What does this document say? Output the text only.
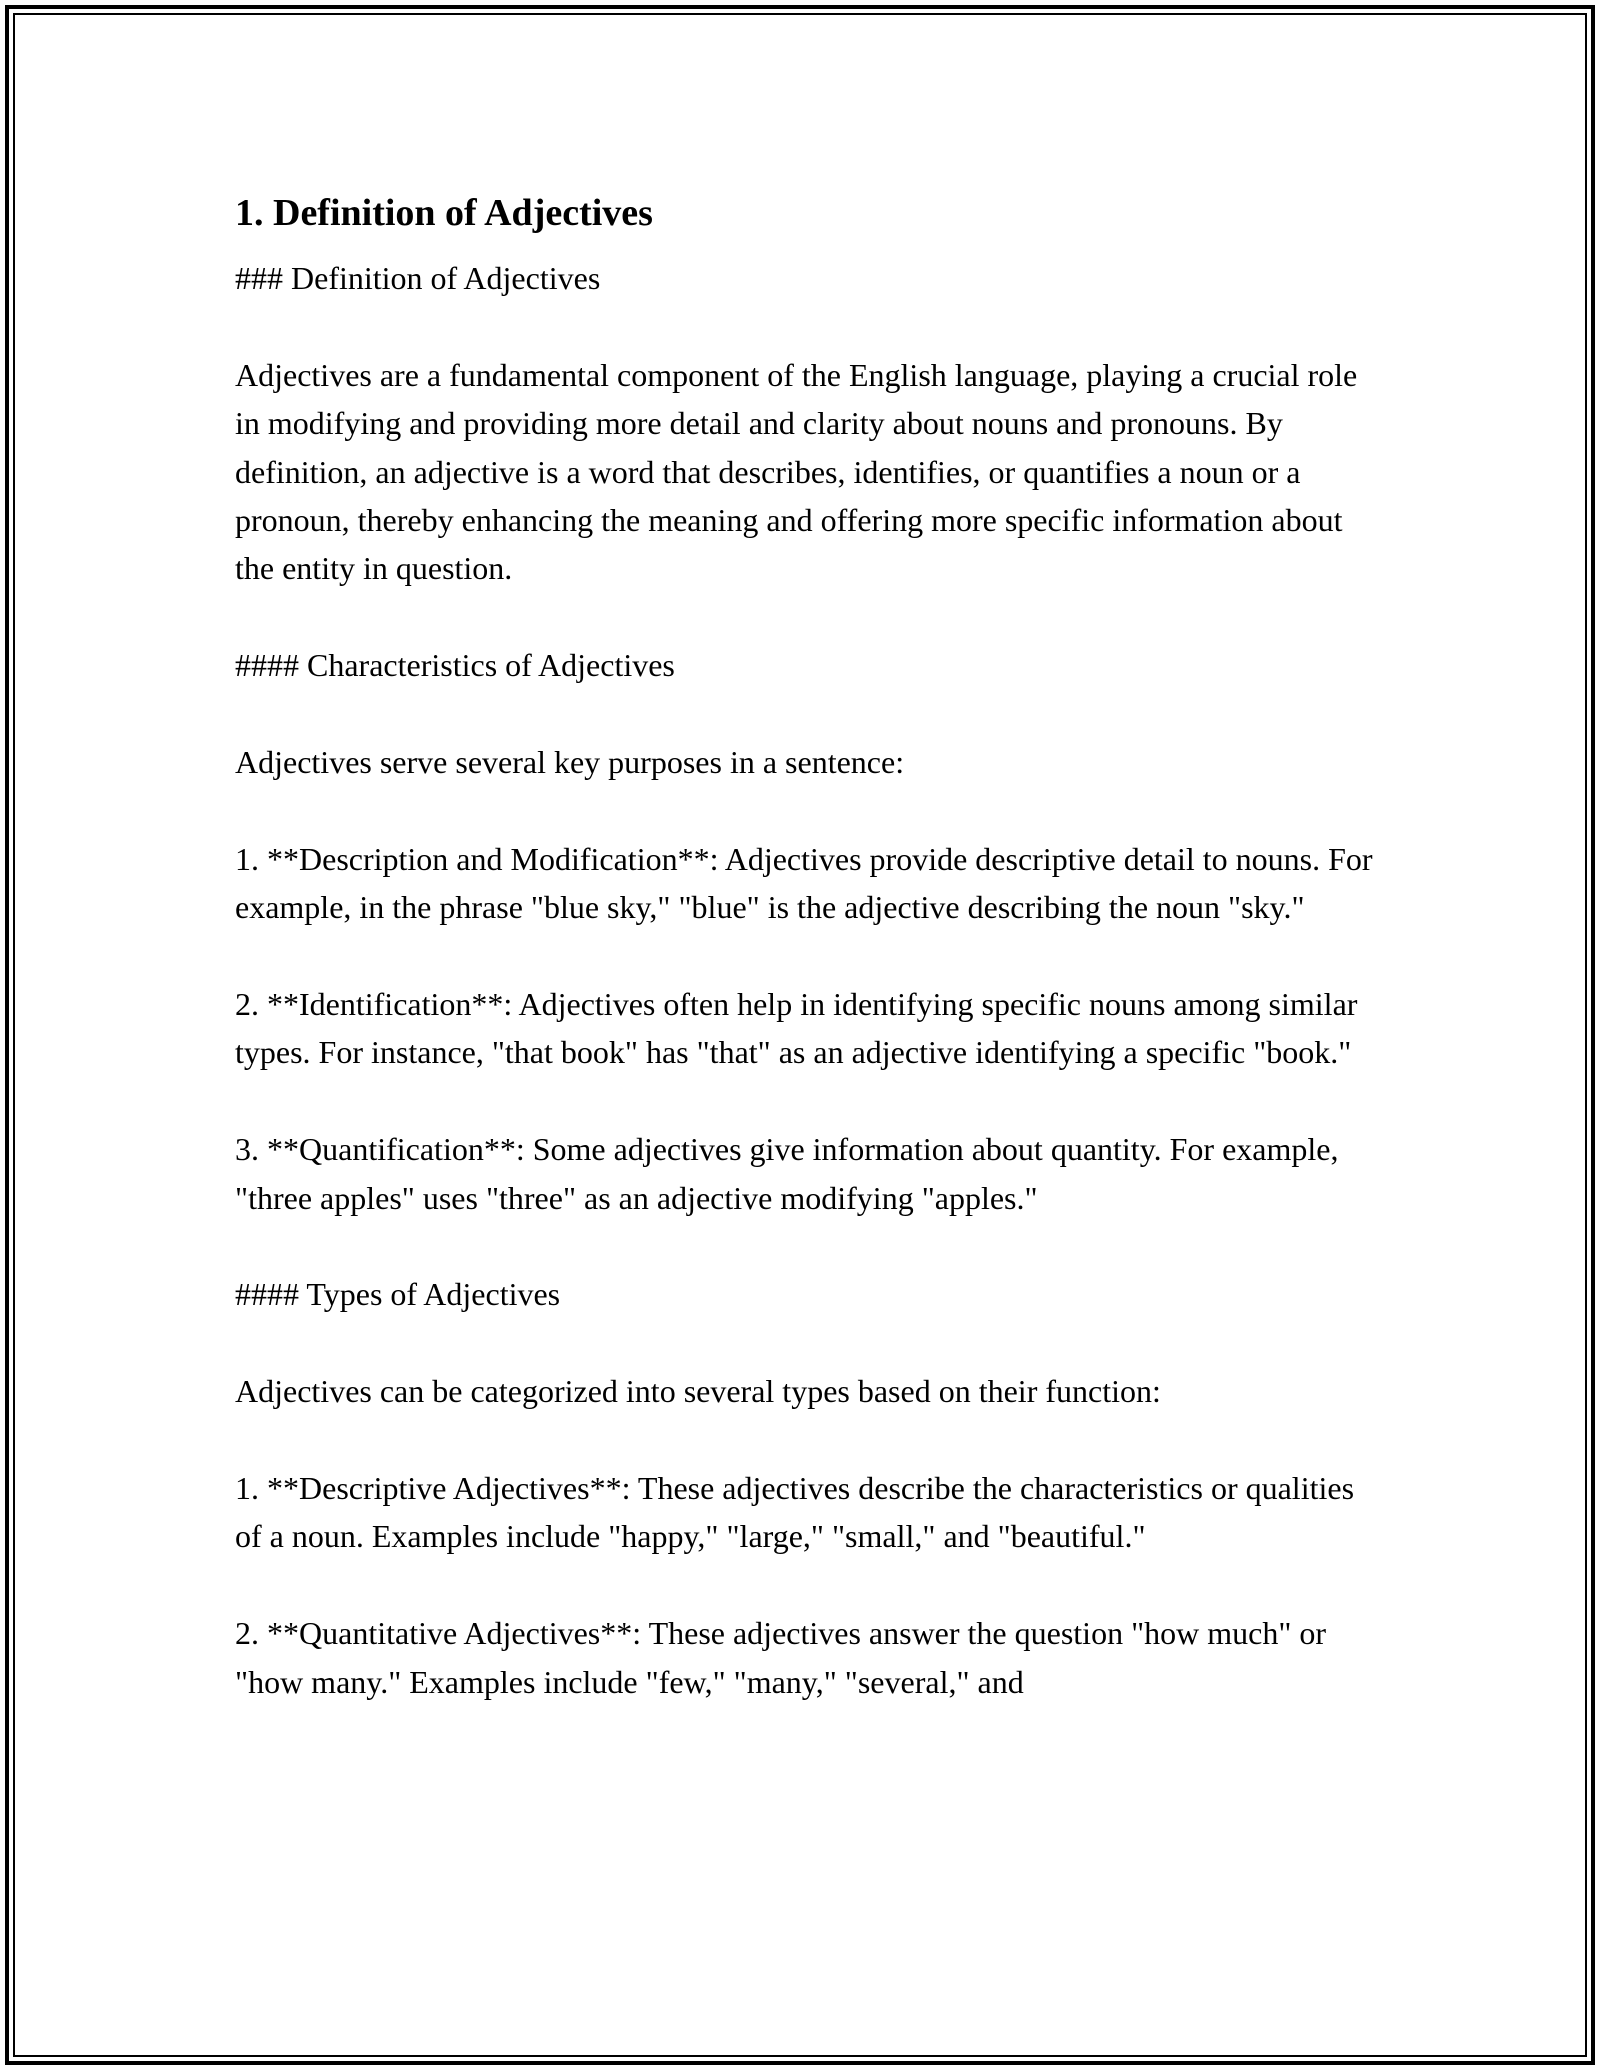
1. Definition of Adjectives

### Definition of Adjectives

Adjectives are a fundamental component of the English language, playing a crucial role in modifying and providing more detail and clarity about nouns and pronouns. By definition, an adjective is a word that describes, identifies, or quantifies a noun or a pronoun, thereby enhancing the meaning and offering more specific information about the entity in question.

#### Characteristics of Adjectives

Adjectives serve several key purposes in a sentence:

1. **Description and Modification**: Adjectives provide descriptive detail to nouns. For example, in the phrase "blue sky," "blue" is the adjective describing the noun "sky."

2. **Identification**: Adjectives often help in identifying specific nouns among similar types. For instance, "that book" has "that" as an adjective identifying a specific "book."

3. **Quantification**: Some adjectives give information about quantity. For example, "three apples" uses "three" as an adjective modifying "apples."

#### Types of Adjectives

Adjectives can be categorized into several types based on their function:

1. **Descriptive Adjectives**: These adjectives describe the characteristics or qualities of a noun. Examples include "happy," "large," "small," and "beautiful."

2. **Quantitative Adjectives**: These adjectives answer the question "how much" or "how many." Examples include "few," "many," "several," and
